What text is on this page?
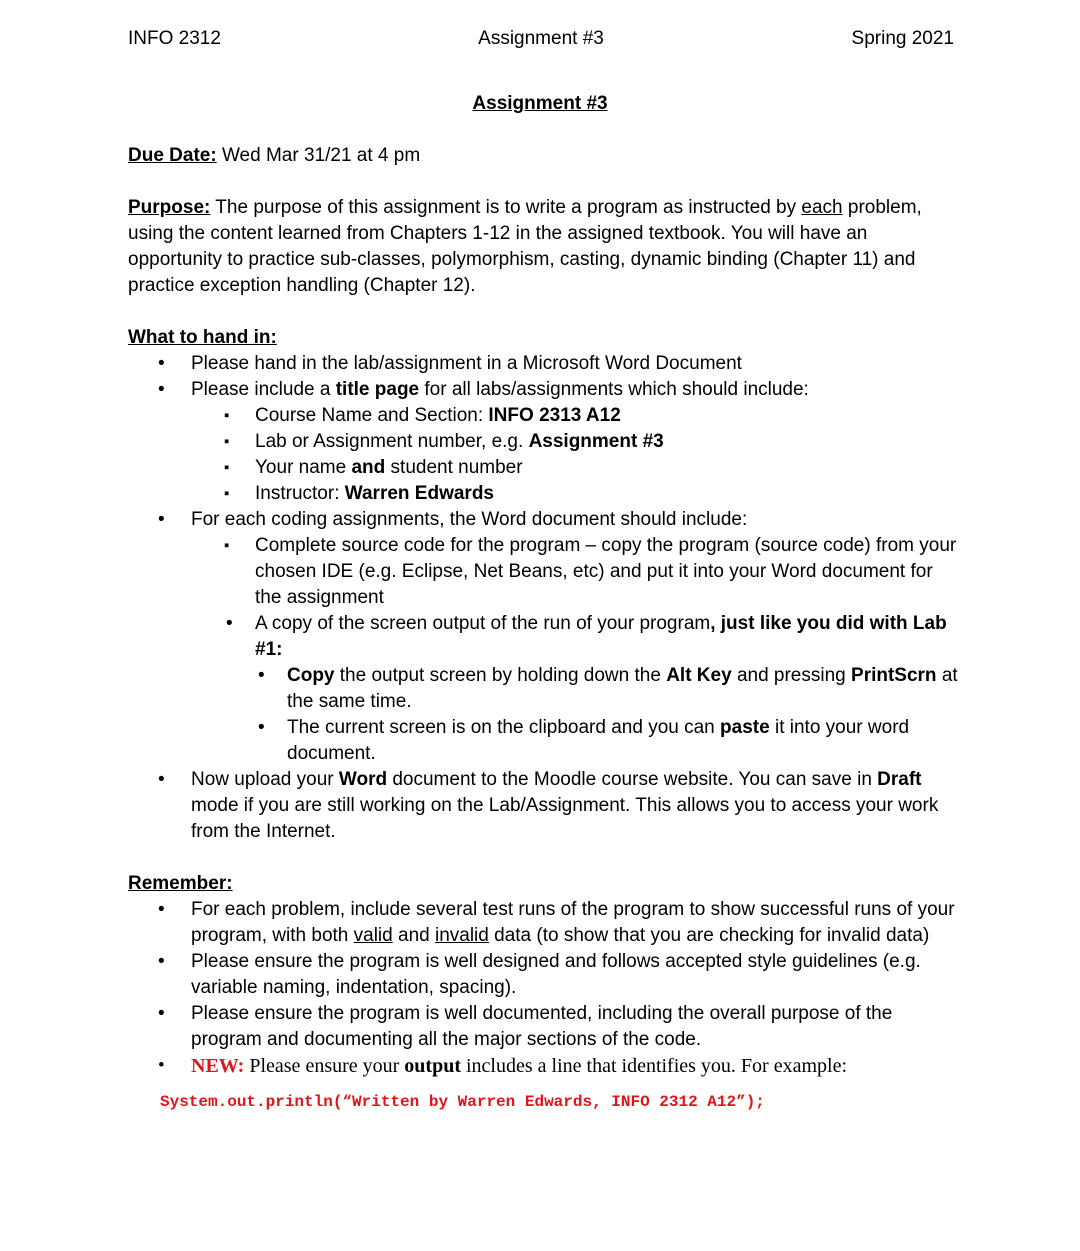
INFO 2312	Assignment #3	Spring 2021
Assignment #3

Due Date: Wed Mar 31/21 at 4 pm

Purpose: The purpose of this assignment is to write a program as instructed by each problem, using the content learned from Chapters 1-12 in the assigned textbook. You will have an opportunity to practice sub-classes, polymorphism, casting, dynamic binding (Chapter 11) and practice exception handling (Chapter 12).

What to hand in:

• Please hand in the lab/assignment in a Microsoft Word Document
• Please include a title page for all labs/assignments which should include:
▪ Course Name and Section: INFO 2313 A12
▪ Lab or Assignment number, e.g. Assignment #3
▪ Your name and student number
▪ Instructor: Warren Edwards
• For each coding assignments, the Word document should include:
▪ Complete source code for the program – copy the program (source code) from your chosen IDE (e.g. Eclipse, Net Beans, etc) and put it into your Word document for the assignment
• A copy of the screen output of the run of your program, just like you did with Lab #1:
• Copy the output screen by holding down the Alt Key and pressing PrintScrn at the same time.
• The current screen is on the clipboard and you can paste it into your word document.
• Now upload your Word document to the Moodle course website. You can save in Draft mode if you are still working on the Lab/Assignment. This allows you to access your work from the Internet.

Remember:

• For each problem, include several test runs of the program to show successful runs of your program, with both valid and invalid data (to show that you are checking for invalid data)
• Please ensure the program is well designed and follows accepted style guidelines (e.g. variable naming, indentation, spacing).
• Please ensure the program is well documented, including the overall purpose of the program and documenting all the major sections of the code.
• NEW: Please ensure your output includes a line that identifies you. For example:
System.out.println(“Written by Warren Edwards, INFO 2312 A12”);
